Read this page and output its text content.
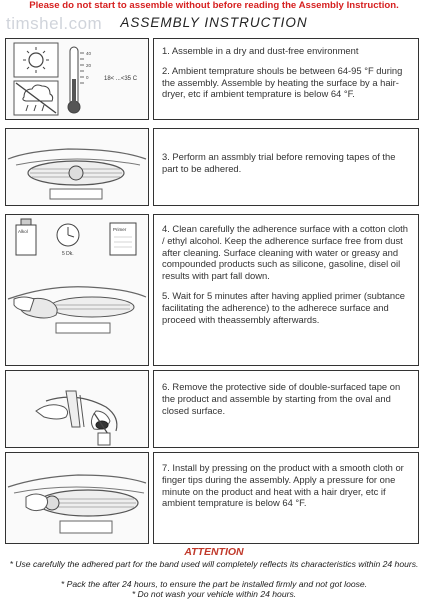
Please do not start to assemble without before reading the Assembly Instruction.
timshel.com	ASSEMBLY INSTRUCTION
40
20
0	18< ...<35 C

1. Assemble in a dry and dust-free environment

2. Ambient temprature shouls be between 64-95 °F during the assembly. Assemble by heating the surface by a hair-dryer, etc if ambient temprature is below 64 °F.

3. Perform an assmbly trial before removing tapes of the part to be adhered.

Alkol
5 Dk.
Primer	4. Clean carefully the adherence surface with a cotton cloth / ethyl alcohol. Keep the adherence surface free from dust after cleaning. Surface cleaning with water or greasy and compounded products such as silicone, gasoline, disel oil results with part fall down.

5. Wait for 5 minutes after having applied primer (subtance facilitating the adherence) to the adherece surface and proceed with theassembly afterwards.

6. Remove the protective side of double-surfaced tape on the product and assemble by starting from the oval and closed surface.

7. Install by pressing on the product with a smooth cloth or finger tips during the assembly. Apply a pressure for one minute on the product and heat with a hair dryer, etc if ambient temprature is below 64 °F.

ATTENTION
* Use carefully the adhered part for the band used will completely reflects its characteristics within 24 hours.
* Pack the after 24 hours, to ensure the part be installed firmly and not got loose.
* Do not wash your vehicle within 24 hours.
